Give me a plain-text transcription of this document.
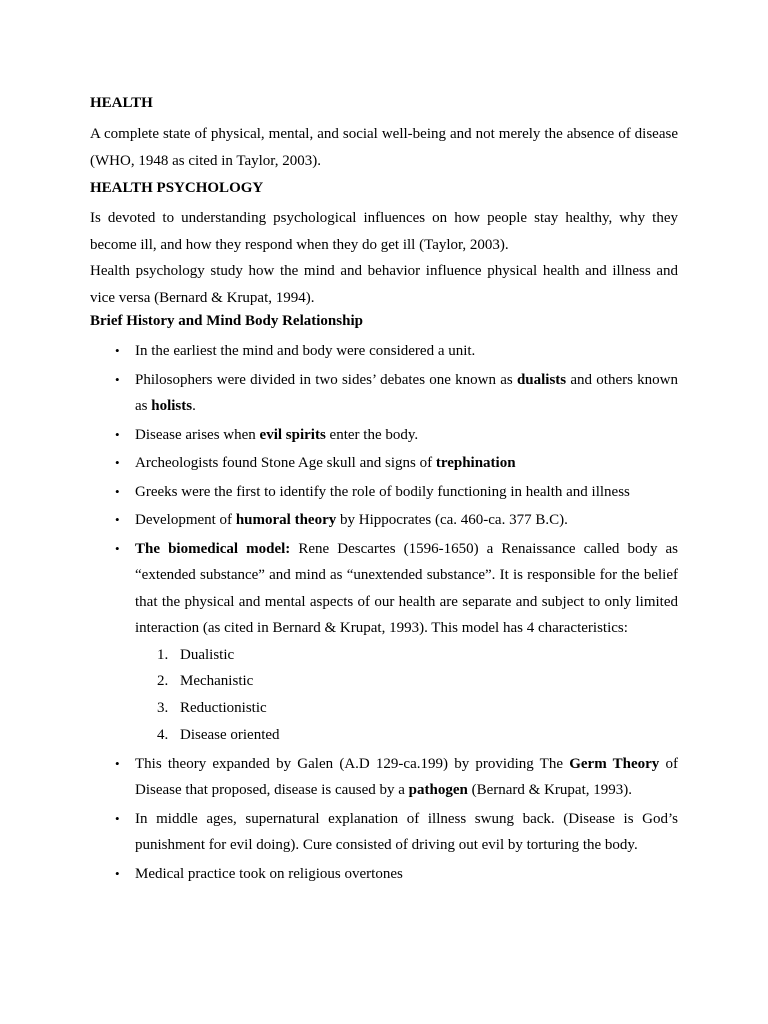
HEALTH

A complete state of physical, mental, and social well-being and not merely the absence of disease (WHO, 1948 as cited in Taylor, 2003).

HEALTH PSYCHOLOGY

Is devoted to understanding psychological influences on how people stay healthy, why they become ill, and how they respond when they do get ill (Taylor, 2003).

Health psychology study how the mind and behavior influence physical health and illness and vice versa (Bernard & Krupat, 1994).

Brief History and Mind Body Relationship
• In the earliest the mind and body were considered a unit.
• Philosophers were divided in two sides’ debates one known as dualists and others known as holists.
• Disease arises when evil spirits enter the body.
• Archeologists found Stone Age skull and signs of trephination
• Greeks were the first to identify the role of bodily functioning in health and illness
• Development of humoral theory by Hippocrates (ca. 460-ca. 377 B.C).
• The biomedical model: Rene Descartes (1596-1650) a Renaissance called body as “extended substance” and mind as “unextended substance”. It is responsible for the belief that the physical and mental aspects of our health are separate and subject to only limited interaction (as cited in Bernard & Krupat, 1993). This model has 4 characteristics:
1. Dualistic
2. Mechanistic
3. Reductionistic
4. Disease oriented
• This theory expanded by Galen (A.D 129-ca.199) by providing The Germ Theory of Disease that proposed, disease is caused by a pathogen (Bernard & Krupat, 1993).
• In middle ages, supernatural explanation of illness swung back. (Disease is God’s punishment for evil doing). Cure consisted of driving out evil by torturing the body.
• Medical practice took on religious overtones
